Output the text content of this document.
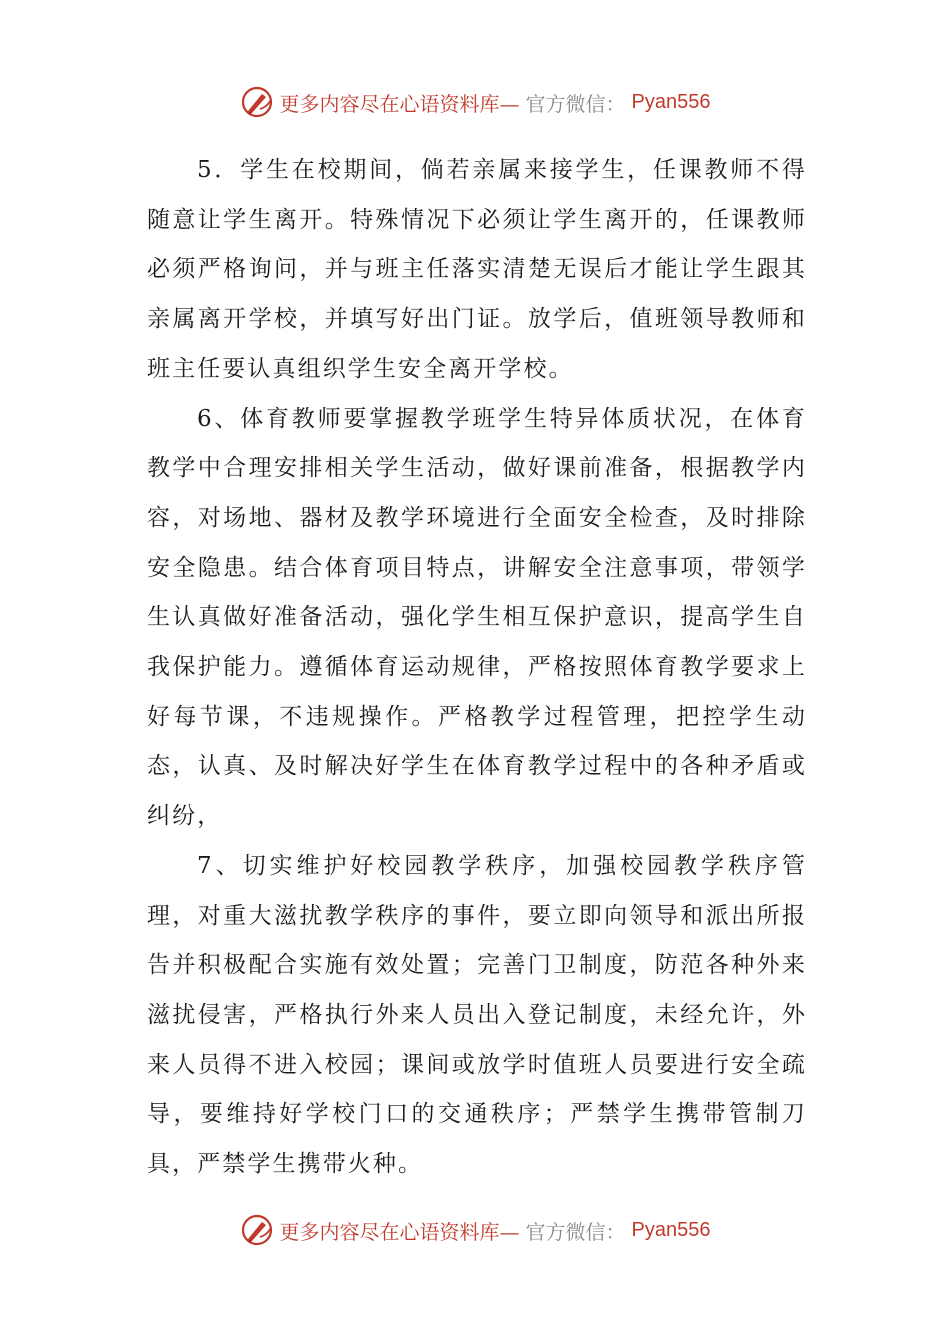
更多内容尽在心语资料库— 官方微信： Pyan556

5．学生在校期间，倘若亲属来接学生，任课教师不得随意让学生离开。特殊情况下必须让学生离开的，任课教师必须严格询问，并与班主任落实清楚无误后才能让学生跟其亲属离开学校，并填写好出门证。放学后，值班领导教师和班主任要认真组织学生安全离开学校。

6、体育教师要掌握教学班学生特异体质状况，在体育教学中合理安排相关学生活动，做好课前准备，根据教学内容，对场地、器材及教学环境进行全面安全检查，及时排除安全隐患。结合体育项目特点，讲解安全注意事项，带领学生认真做好准备活动，强化学生相互保护意识，提高学生自我保护能力。遵循体育运动规律，严格按照体育教学要求上好每节课，不违规操作。严格教学过程管理，把控学生动态，认真、及时解决好学生在体育教学过程中的各种矛盾或纠纷，

7、切实维护好校园教学秩序，加强校园教学秩序管理，对重大滋扰教学秩序的事件，要立即向领导和派出所报告并积极配合实施有效处置；完善门卫制度，防范各种外来滋扰侵害，严格执行外来人员出入登记制度，未经允许，外来人员得不进入校园；课间或放学时值班人员要进行安全疏导，要维持好学校门口的交通秩序；严禁学生携带管制刀具，严禁学生携带火种。

更多内容尽在心语资料库— 官方微信： Pyan556
